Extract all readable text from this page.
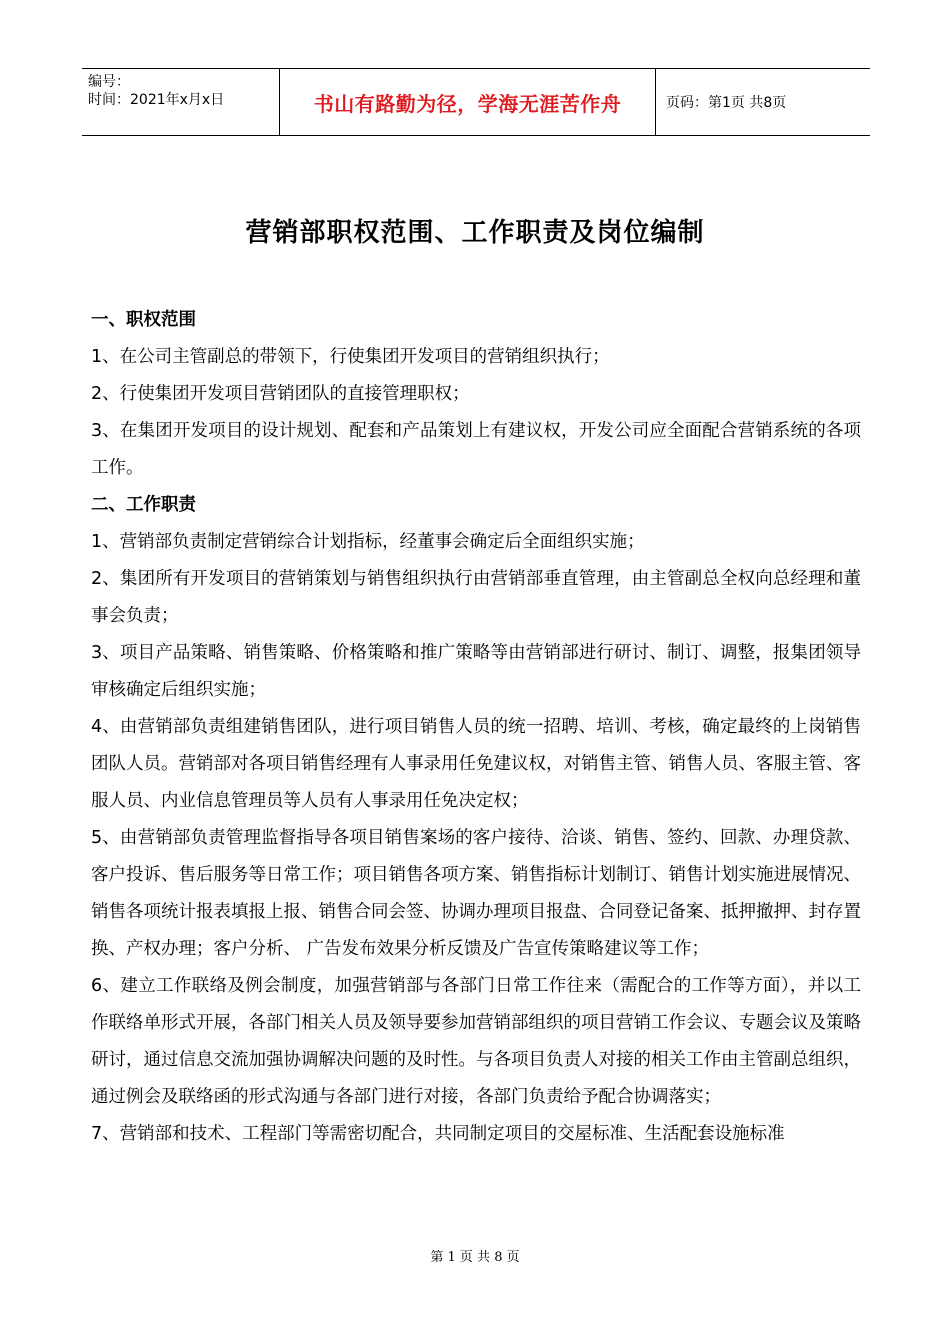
编号：
时间：2021年x月x日	书山有路勤为径，学海无涯苦作舟	页码：第1页 共8页
营销部职权范围、工作职责及岗位编制

一、职权范围

1、在公司主管副总的带领下，行使集团开发项目的营销组织执行；

2、行使集团开发项目营销团队的直接管理职权；

3、在集团开发项目的设计规划、配套和产品策划上有建议权，开发公司应全面配合营销系统的各项工作。

二、工作职责

1、营销部负责制定营销综合计划指标，经董事会确定后全面组织实施；

2、集团所有开发项目的营销策划与销售组织执行由营销部垂直管理，由主管副总全权向总经理和董事会负责；

3、项目产品策略、销售策略、价格策略和推广策略等由营销部进行研讨、制订、调整，报集团领导审核确定后组织实施；

4、由营销部负责组建销售团队，进行项目销售人员的统一招聘、培训、考核，确定最终的上岗销售团队人员。营销部对各项目销售经理有人事录用任免建议权，对销售主管、销售人员、客服主管、客服人员、内业信息管理员等人员有人事录用任免决定权；

5、由营销部负责管理监督指导各项目销售案场的客户接待、洽谈、销售、签约、回款、办理贷款、客户投诉、售后服务等日常工作；项目销售各项方案、销售指标计划制订、销售计划实施进展情况、销售各项统计报表填报上报、销售合同会签、协调办理项目报盘、合同登记备案、抵押撤押、封存置换、产权办理；客户分析、 广告发布效果分析反馈及广告宣传策略建议等工作；

6、建立工作联络及例会制度，加强营销部与各部门日常工作往来（需配合的工作等方面），并以工作联络单形式开展，各部门相关人员及领导要参加营销部组织的项目营销工作会议、专题会议及策略研讨，通过信息交流加强协调解决问题的及时性。与各项目负责人对接的相关工作由主管副总组织，通过例会及联络函的形式沟通与各部门进行对接，各部门负责给予配合协调落实；

7、营销部和技术、工程部门等需密切配合，共同制定项目的交屋标准、生活配套设施标准

第 1 页 共 8 页
